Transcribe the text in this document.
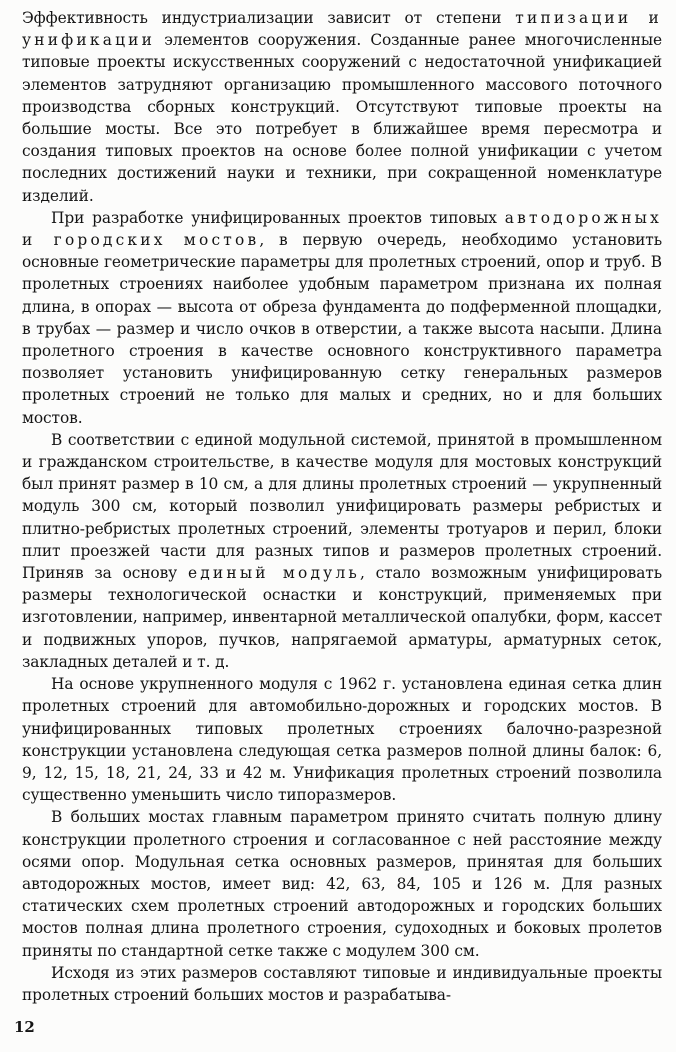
Эффективность индустриализации зависит от степени типизации и унификации элементов сооружения. Созданные ранее многочисленные типовые проекты искусственных сооружений с недостаточной унификацией элементов затрудняют организацию промышленного массового поточного производства сборных конструкций. Отсутствуют типовые проекты на большие мосты. Все это потребует в ближайшее время пересмотра и создания типовых проектов на основе более полной унификации с учетом последних достижений науки и техники, при сокращенной номенклатуре изделий.

При разработке унифицированных проектов типовых автодорожных и городских мостов, в первую очередь, необходимо установить основные геометрические параметры для пролетных строений, опор и труб. В пролетных строениях наиболее удобным параметром признана их полная длина, в опорах — высота от обреза фундамента до подферменной площадки, в трубах — размер и число очков в отверстии, а также высота насыпи. Длина пролетного строения в качестве основного конструктивного параметра позволяет установить унифицированную сетку генеральных размеров пролетных строений не только для малых и средних, но и для больших мостов.

В соответствии с единой модульной системой, принятой в промышленном и гражданском строительстве, в качестве модуля для мостовых конструкций был принят размер в 10 см, а для длины пролетных строений — укрупненный модуль 300 см, который позволил унифицировать размеры ребристых и плитно-ребристых пролетных строений, элементы тротуаров и перил, блоки плит проезжей части для разных типов и размеров пролетных строений. Приняв за основу единый модуль, стало возможным унифицировать размеры технологической оснастки и конструкций, применяемых при изготовлении, например, инвентарной металлической опалубки, форм, кассет и подвижных упоров, пучков, напрягаемой арматуры, арматурных сеток, закладных деталей и т. д.

На основе укрупненного модуля с 1962 г. установлена единая сетка длин пролетных строений для автомобильно-дорожных и городских мостов. В унифицированных типовых пролетных строениях балочно-разрезной конструкции установлена следующая сетка размеров полной длины балок: 6, 9, 12, 15, 18, 21, 24, 33 и 42 м. Унификация пролетных строений позволила существенно уменьшить число типоразмеров.

В больших мостах главным параметром принято считать полную длину конструкции пролетного строения и согласованное с ней расстояние между осями опор. Модульная сетка основных размеров, принятая для больших автодорожных мостов, имеет вид: 42, 63, 84, 105 и 126 м. Для разных статических схем пролетных строений автодорожных и городских больших мостов полная длина пролетного строения, судоходных и боковых пролетов приняты по стандартной сетке также с модулем 300 см.

Исходя из этих размеров составляют типовые и индивидуальные проекты пролетных строений больших мостов и разрабатыва-

12
